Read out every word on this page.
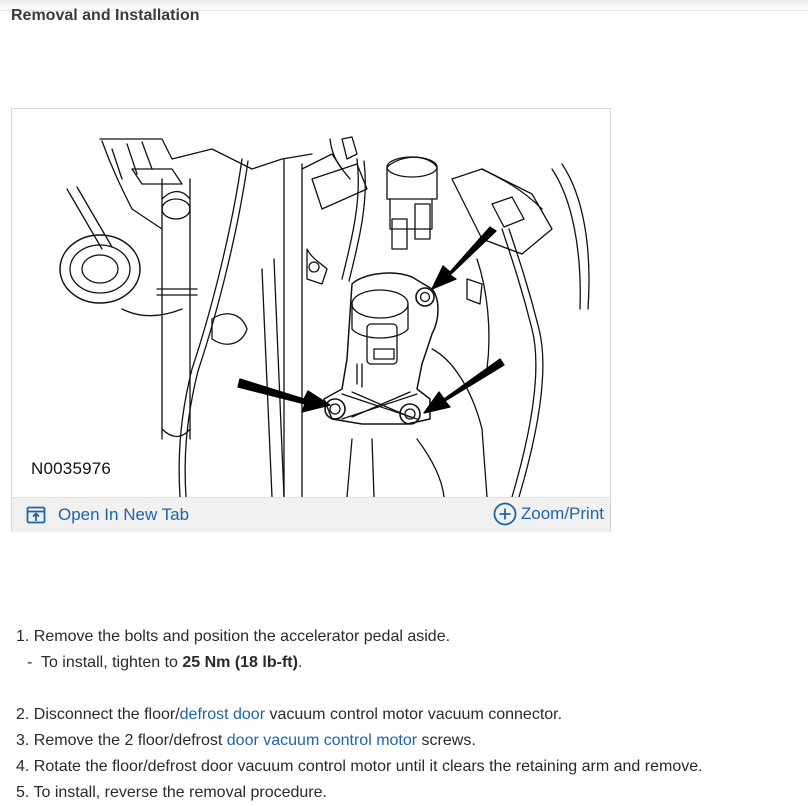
Removal and Installation
N0035976
Open In New Tab	Zoom/Print
1. Remove the bolts and position the accelerator pedal aside.
- To install, tighten to 25 Nm (18 lb-ft).
2. Disconnect the floor/defrost door vacuum control motor vacuum connector.
3. Remove the 2 floor/defrost door vacuum control motor screws.
4. Rotate the floor/defrost door vacuum control motor until it clears the retaining arm and remove.
5. To install, reverse the removal procedure.
